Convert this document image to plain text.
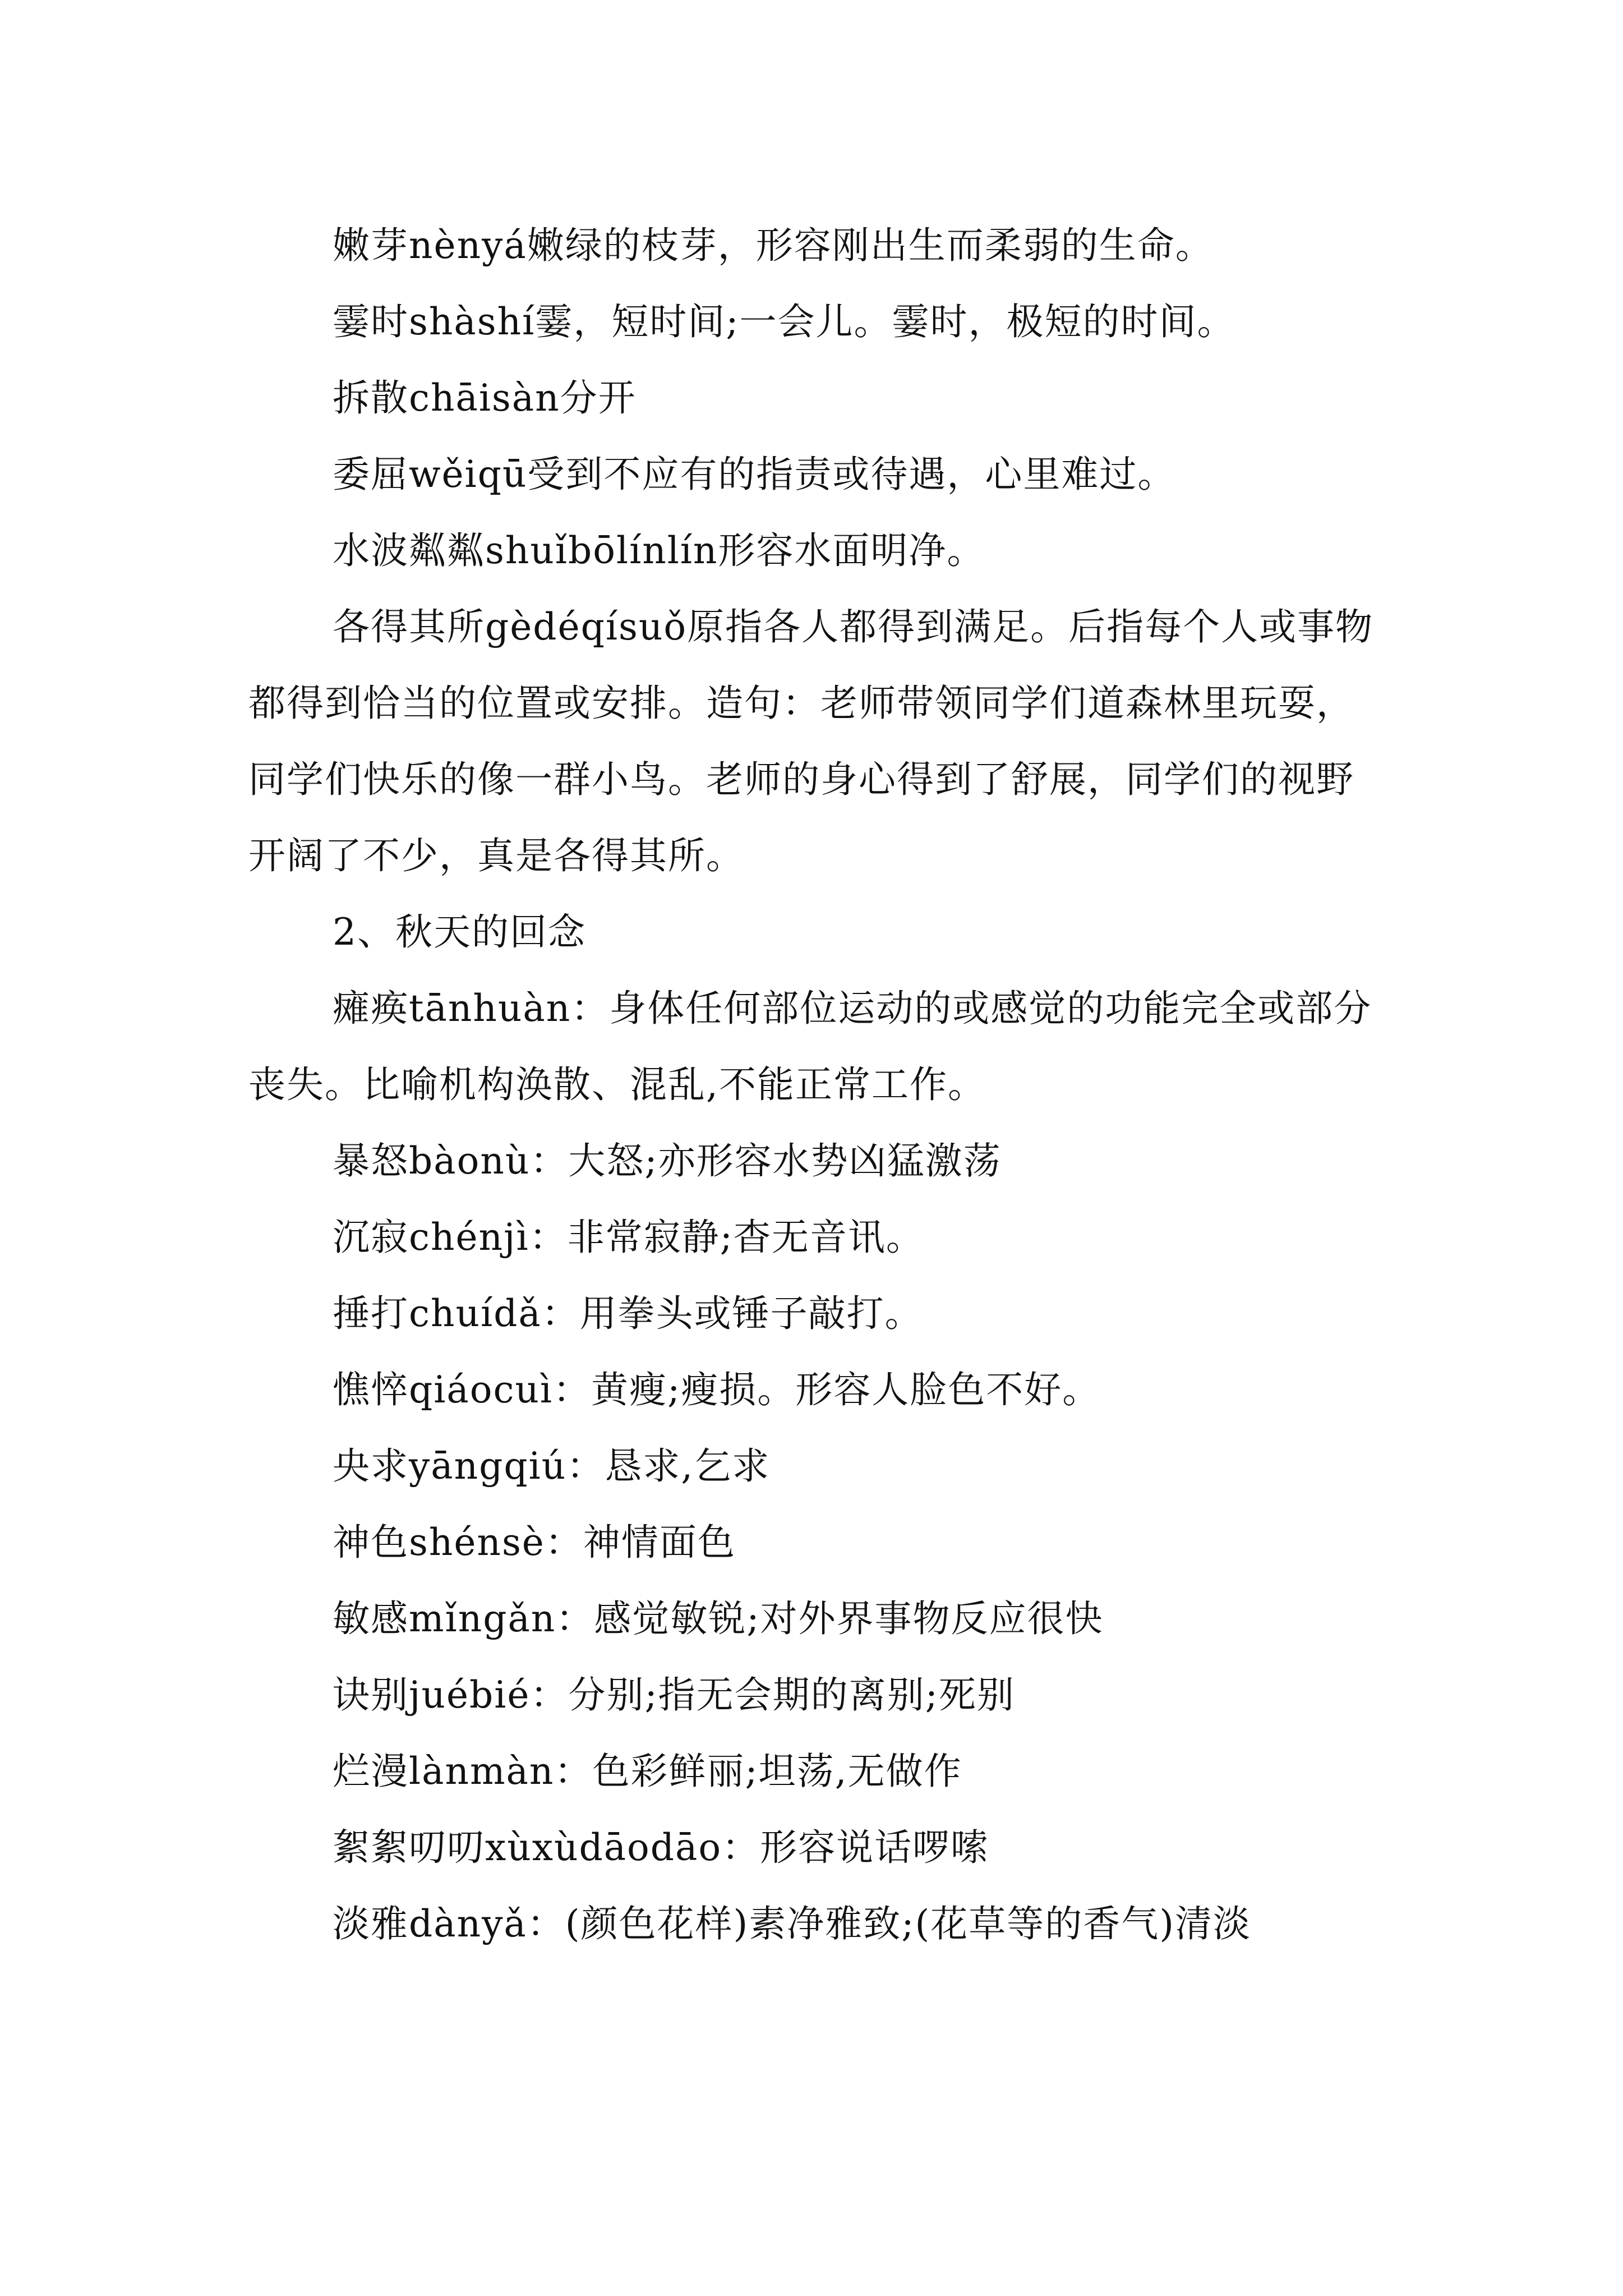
嫩芽nènyá嫩绿的枝芽，形容刚出生而柔弱的生命。

霎时shàshí霎，短时间;一会儿。霎时，极短的时间。

拆散chāisàn分开

委屈wěiqū受到不应有的指责或待遇，心里难过。

水波粼粼shuǐbōlínlín形容水面明净。

各得其所gèdéqísuǒ原指各人都得到满足。后指每个人或事物都得到恰当的位置或安排。造句：老师带领同学们道森林里玩耍，同学们快乐的像一群小鸟。老师的身心得到了舒展，同学们的视野开阔了不少，真是各得其所。

2、秋天的回念

瘫痪tānhuàn：身体任何部位运动的或感觉的功能完全或部分丧失。比喻机构涣散、混乱,不能正常工作。

暴怒bàonù：大怒;亦形容水势凶猛激荡

沉寂chénjì：非常寂静;杳无音讯。

捶打chuídǎ：用拳头或锤子敲打。

憔悴qiáocuì：黄瘦;瘦损。形容人脸色不好。

央求yāngqiú：恳求,乞求

神色shénsè：神情面色

敏感mǐngǎn：感觉敏锐;对外界事物反应很快

诀别juébié：分别;指无会期的离别;死别

烂漫lànmàn：色彩鲜丽;坦荡,无做作

絮絮叨叨xùxùdāodāo：形容说话啰嗦

淡雅dànyǎ：(颜色花样)素净雅致;(花草等的香气)清淡
